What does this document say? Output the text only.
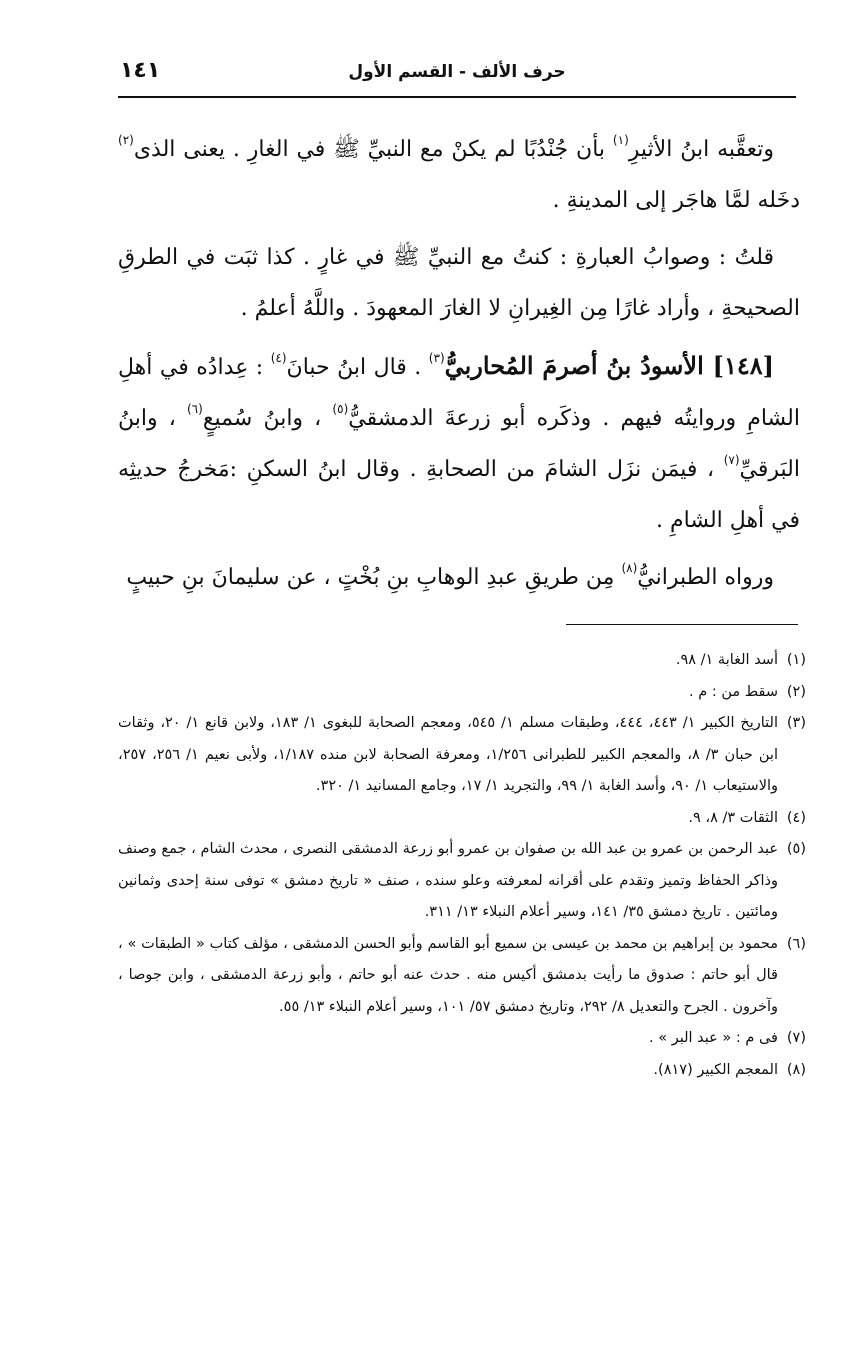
حرف الألف - القسم الأول
١٤١

وتعقَّبه ابنُ الأثيرِ$^{(١)}$ بأن جُنْدُبًا لم يكنْ مع النبيِّ ﷺ في الغارِ . يعنى الذى$^{(٢)}$ دخَله لمَّا هاجَر إلى المدينةِ .

قلتُ : وصوابُ العبارةِ : كنتُ مع النبيِّ ﷺ في غارٍ . كذا ثبَت في الطرقِ الصحيحةِ ، وأراد غارًا مِن الغِيرانِ لا الغارَ المعهودَ . واللَّهُ أعلمُ .

[١٤٨] الأسودُ بنُ أصرمَ المُحاربيُّ$^{(٣)}$ . قال ابنُ حبانَ$^{(٤)}$ : عِدادُه في أهلِ الشامِ وروايتُه فيهم . وذكَره أبو زرعةَ الدمشقيُّ$^{(٥)}$ ، وابنُ سُميعٍ$^{(٦)}$ ، وابنُ البَرقيِّ$^{(٧)}$ ، فيمَن نزَل الشامَ من الصحابةِ . وقال ابنُ السكنِ :مَخرجُ حديثِه في أهلِ الشامِ .

ورواه الطبرانيُّ$^{(٨)}$ مِن طريقِ عبدِ الوهابِ بنِ بُخْتٍ ، عن سليمانَ بنِ حبيبٍ

(١)أسد الغابة ١/ ٩٨.

(٢)سقط من : م .

(٣)التاريخ الكبير ١/ ٤٤٣، ٤٤٤، وطبقات مسلم ١/ ٥٤٥، ومعجم الصحابة للبغوى ١/ ١٨٣، ولابن قانع ١/ ٢٠، وثقات ابن حبان ٣/ ٨، والمعجم الكبير للطبرانى ١/٢٥٦، ومعرفة الصحابة لابن منده ١/١٨٧، ولأبى نعيم ١/ ٢٥٦، ٢٥٧، والاستيعاب ١/ ٩٠، وأسد الغابة ١/ ٩٩، والتجريد ١/ ١٧، وجامع المسانيد ١/ ٣٢٠.

(٤)الثقات ٣/ ٨، ٩.

(٥)عبد الرحمن بن عمرو بن عبد الله بن صفوان بن عمرو أبو زرعة الدمشقى النصرى ، محدث الشام ، جمع وصنف وذاكر الحفاظ وتميز وتقدم على أقرانه لمعرفته وعلو سنده ، صنف « تاريخ دمشق » توفى سنة إحدى وثمانين ومائتين . تاريخ دمشق ٣٥/ ١٤١، وسير أعلام النبلاء ١٣/ ٣١١.

(٦)محمود بن إبراهيم بن محمد بن عيسى بن سميع أبو القاسم وأبو الحسن الدمشقى ، مؤلف كتاب « الطبقات » ، قال أبو حاتم : صدوق ما رأيت بدمشق أكيس منه . حدث عنه أبو حاتم ، وأبو زرعة الدمشقى ، وابن جوصا ، وآخرون . الجرح والتعديل ٨/ ٢٩٢، وتاريخ دمشق ٥٧/ ١٠١، وسير أعلام النبلاء ١٣/ ٥٥.

(٧)فى م : « عبد البر » .

(٨)المعجم الكبير (٨١٧).
